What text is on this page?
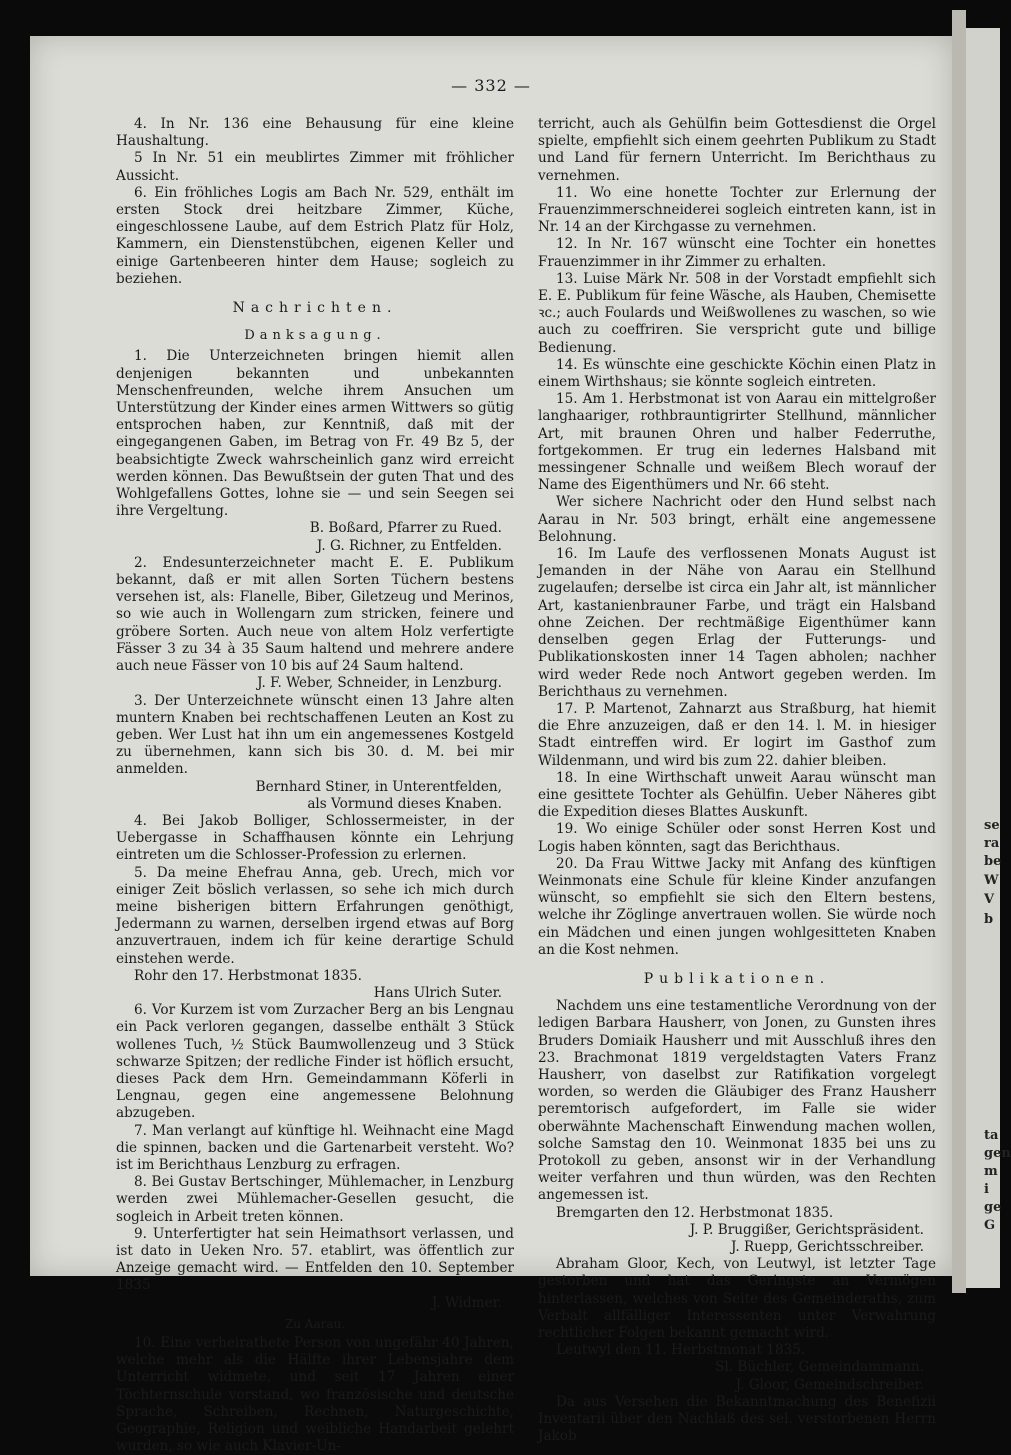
— 332 —

4. In Nr. 136 eine Behausung für eine kleine Haushaltung.

5 In Nr. 51 ein meublirtes Zimmer mit fröhlicher Aussicht.

6. Ein fröhliches Logis am Bach Nr. 529, enthält im ersten Stock drei heitzbare Zimmer, Küche, eingeschlossene Laube, auf dem Estrich Platz für Holz, Kammern, ein Dienstenstübchen, eigenen Keller und einige Gartenbeeren hinter dem Hause; sogleich zu beziehen.

Nachrichten.

Danksagung.

1. Die Unterzeichneten bringen hiemit allen denjenigen bekannten und unbekannten Menschenfreunden, welche ihrem Ansuchen um Unterstützung der Kinder eines armen Wittwers so gütig entsprochen haben, zur Kenntniß, daß mit der eingegangenen Gaben, im Betrag von Fr. 49 Bz 5, der beabsichtigte Zweck wahrscheinlich ganz wird erreicht werden können. Das Bewußtsein der guten That und des Wohlgefallens Gottes, lohne sie — und sein Seegen sei ihre Vergeltung.

B. Boßard, Pfarrer zu Rued.

J. G. Richner, zu Entfelden.

2. Endesunterzeichneter macht E. E. Publikum bekannt, daß er mit allen Sorten Tüchern bestens versehen ist, als: Flanelle, Biber, Giletzeug und Merinos, so wie auch in Wollengarn zum stricken, feinere und gröbere Sorten. Auch neue von altem Holz verfertigte Fässer 3 zu 34 à 35 Saum haltend und mehrere andere auch neue Fässer von 10 bis auf 24 Saum haltend.

J. F. Weber, Schneider, in Lenzburg.

3. Der Unterzeichnete wünscht einen 13 Jahre alten muntern Knaben bei rechtschaffenen Leuten an Kost zu geben. Wer Lust hat ihn um ein angemessenes Kostgeld zu übernehmen, kann sich bis 30. d. M. bei mir anmelden.

Bernhard Stiner, in Unterentfelden,

als Vormund dieses Knaben.

4. Bei Jakob Bolliger, Schlossermeister, in der Uebergasse in Schaffhausen könnte ein Lehrjung eintreten um die Schlosser-Profession zu erlernen.

5. Da meine Ehefrau Anna, geb. Urech, mich vor einiger Zeit böslich verlassen, so sehe ich mich durch meine bisherigen bittern Erfahrungen genöthigt, Jedermann zu warnen, derselben irgend etwas auf Borg anzuvertrauen, indem ich für keine derartige Schuld einstehen werde.

Rohr den 17. Herbstmonat 1835.

Hans Ulrich Suter.

6. Vor Kurzem ist vom Zurzacher Berg an bis Lengnau ein Pack verloren gegangen, dasselbe enthält 3 Stück wollenes Tuch, ½ Stück Baumwollenzeug und 3 Stück schwarze Spitzen; der redliche Finder ist höflich ersucht, dieses Pack dem Hrn. Gemeindammann Köferli in Lengnau, gegen eine angemessene Belohnung abzugeben.

7. Man verlangt auf künftige hl. Weihnacht eine Magd die spinnen, backen und die Gartenarbeit versteht. Wo? ist im Berichthaus Lenzburg zu erfragen.

8. Bei Gustav Bertschinger, Mühlemacher, in Lenzburg werden zwei Mühlemacher-Gesellen gesucht, die sogleich in Arbeit treten können.

9. Unterfertigter hat sein Heimathsort verlassen, und ist dato in Ueken Nro. 57. etablirt, was öffentlich zur Anzeige gemacht wird. — Entfelden den 10. September 1835

J. Widmer.

Zu Aarau.

10. Eine verheirathete Person von ungefähr 40 Jahren, welche mehr als die Hälfte ihrer Lebensjahre dem Unterricht widmete, und seit 17 Jahren einer Töchternschule vorstand, wo französische und deutsche Sprache, Schreiben, Rechnen, Naturgeschichte, Geographie, Religion und weibliche Handarbeit gelehrt wurden, so wie auch Klavier-Un-

terricht, auch als Gehülfin beim Gottesdienst die Orgel spielte, empfiehlt sich einem geehrten Publikum zu Stadt und Land für fernern Unterricht. Im Berichthaus zu vernehmen.

11. Wo eine honette Tochter zur Erlernung der Frauenzimmerschneiderei sogleich eintreten kann, ist in Nr. 14 an der Kirchgasse zu vernehmen.

12. In Nr. 167 wünscht eine Tochter ein honettes Frauenzimmer in ihr Zimmer zu erhalten.

13. Luise Märk Nr. 508 in der Vorstadt empfiehlt sich E. E. Publikum für feine Wäsche, als Hauben, Chemisette ꝛc.; auch Foulards und Weißwollenes zu waschen, so wie auch zu coeffriren. Sie verspricht gute und billige Bedienung.

14. Es wünschte eine geschickte Köchin einen Platz in einem Wirthshaus; sie könnte sogleich eintreten.

15. Am 1. Herbstmonat ist von Aarau ein mittelgroßer langhaariger, rothbrauntigrirter Stellhund, männlicher Art, mit braunen Ohren und halber Federruthe, fortgekommen. Er trug ein ledernes Halsband mit messingener Schnalle und weißem Blech worauf der Name des Eigenthümers und Nr. 66 steht.

Wer sichere Nachricht oder den Hund selbst nach Aarau in Nr. 503 bringt, erhält eine angemessene Belohnung.

16. Im Laufe des verflossenen Monats August ist Jemanden in der Nähe von Aarau ein Stellhund zugelaufen; derselbe ist circa ein Jahr alt, ist männlicher Art, kastanienbrauner Farbe, und trägt ein Halsband ohne Zeichen. Der rechtmäßige Eigenthümer kann denselben gegen Erlag der Futterungs- und Publikationskosten inner 14 Tagen abholen; nachher wird weder Rede noch Antwort gegeben werden. Im Berichthaus zu vernehmen.

17. P. Martenot, Zahnarzt aus Straßburg, hat hiemit die Ehre anzuzeigen, daß er den 14. l. M. in hiesiger Stadt eintreffen wird. Er logirt im Gasthof zum Wildenmann, und wird bis zum 22. dahier bleiben.

18. In eine Wirthschaft unweit Aarau wünscht man eine gesittete Tochter als Gehülfin. Ueber Näheres gibt die Expedition dieses Blattes Auskunft.

19. Wo einige Schüler oder sonst Herren Kost und Logis haben könnten, sagt das Berichthaus.

20. Da Frau Wittwe Jacky mit Anfang des künftigen Weinmonats eine Schule für kleine Kinder anzufangen wünscht, so empfiehlt sie sich den Eltern bestens, welche ihr Zöglinge anvertrauen wollen. Sie würde noch ein Mädchen und einen jungen wohlgesitteten Knaben an die Kost nehmen.

Publikationen.

Nachdem uns eine testamentliche Verordnung von der ledigen Barbara Hausherr, von Jonen, zu Gunsten ihres Bruders Domiaik Hausherr und mit Ausschluß ihres den 23. Brachmonat 1819 vergeldstagten Vaters Franz Hausherr, von daselbst zur Ratifikation vorgelegt worden, so werden die Gläubiger des Franz Hausherr peremtorisch aufgefordert, im Falle sie wider oberwähnte Machenschaft Einwendung machen wollen, solche Samstag den 10. Weinmonat 1835 bei uns zu Protokoll zu geben, ansonst wir in der Verhandlung weiter verfahren und thun würden, was den Rechten angemessen ist.

Bremgarten den 12. Herbstmonat 1835.

J. P. Bruggißer, Gerichtspräsident.

J. Ruepp, Gerichtsschreiber.

Abraham Gloor, Kech, von Leutwyl, ist letzter Tage gestorben und hat das Geringste an Vermögen hinterlassen, welches von Seite des Gemeinderaths, zum Verbalt allfälliger Interessenten unter Verwahrung rechtlicher Folgen bekannt gemacht wird.

Leutwyl den 11. Herbstmonat 1835.

Sl. Büchler, Gemeindammann.

J. Gloor, Gemeindschreiber.

Da aus Versehen die Bekanntmachung des Benefizii Inventarii über den Nachlaß des sel. verstorbenen Herrn Jakob

se
ra
be
W
V
b
ta
gen
m
i
ge
G
